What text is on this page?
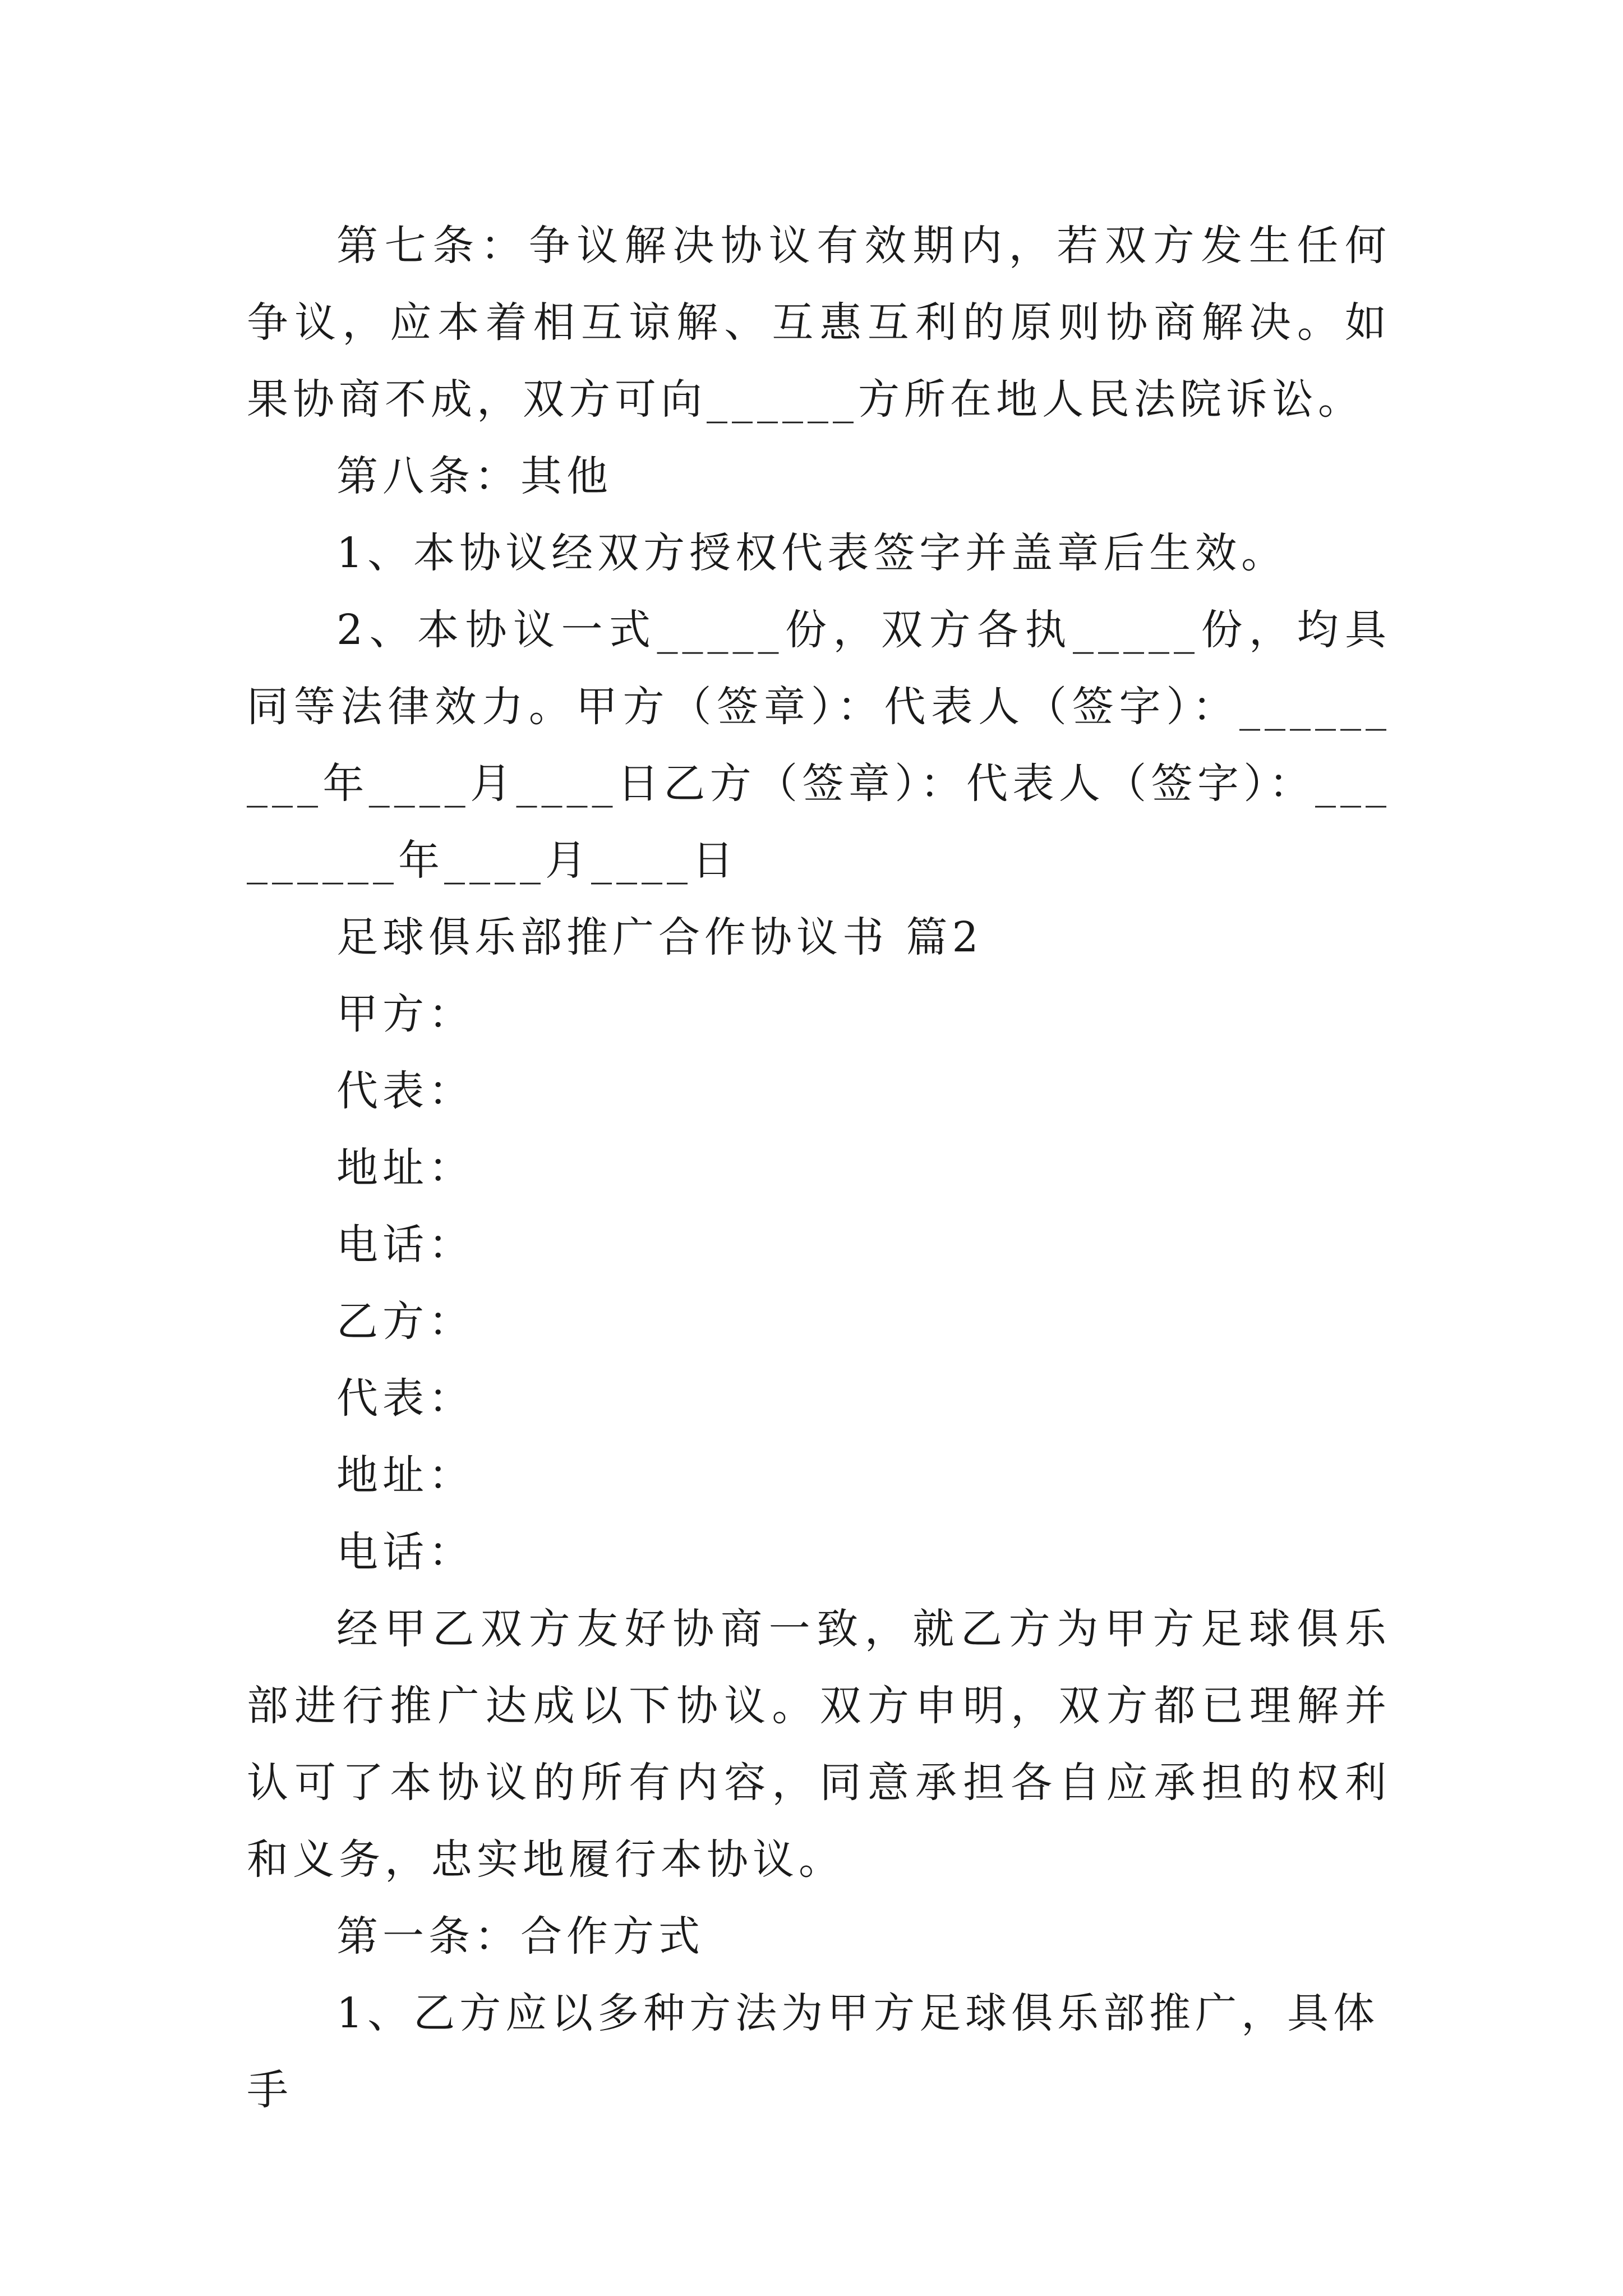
第七条：争议解决协议有效期内，若双方发生任何争议，应本着相互谅解、互惠互利的原则协商解决。如果协商不成，双方可向______方所在地人民法院诉讼。

第八条：其他

1、本协议经双方授权代表签字并盖章后生效。

2、本协议一式_____份，双方各执_____份，均具同等法律效力。甲方（签章）：代表人（签字）：_________年____月____日乙方（签章）：代表人（签字）：_________年____月____日

足球俱乐部推广合作协议书 篇2

甲方：

代表：

地址：

电话：

乙方：

代表：

地址：

电话：

经甲乙双方友好协商一致，就乙方为甲方足球俱乐部进行推广达成以下协议。双方申明，双方都已理解并认可了本协议的所有内容，同意承担各自应承担的权利和义务，忠实地履行本协议。

第一条：合作方式

1、乙方应以多种方法为甲方足球俱乐部推广，具体手
